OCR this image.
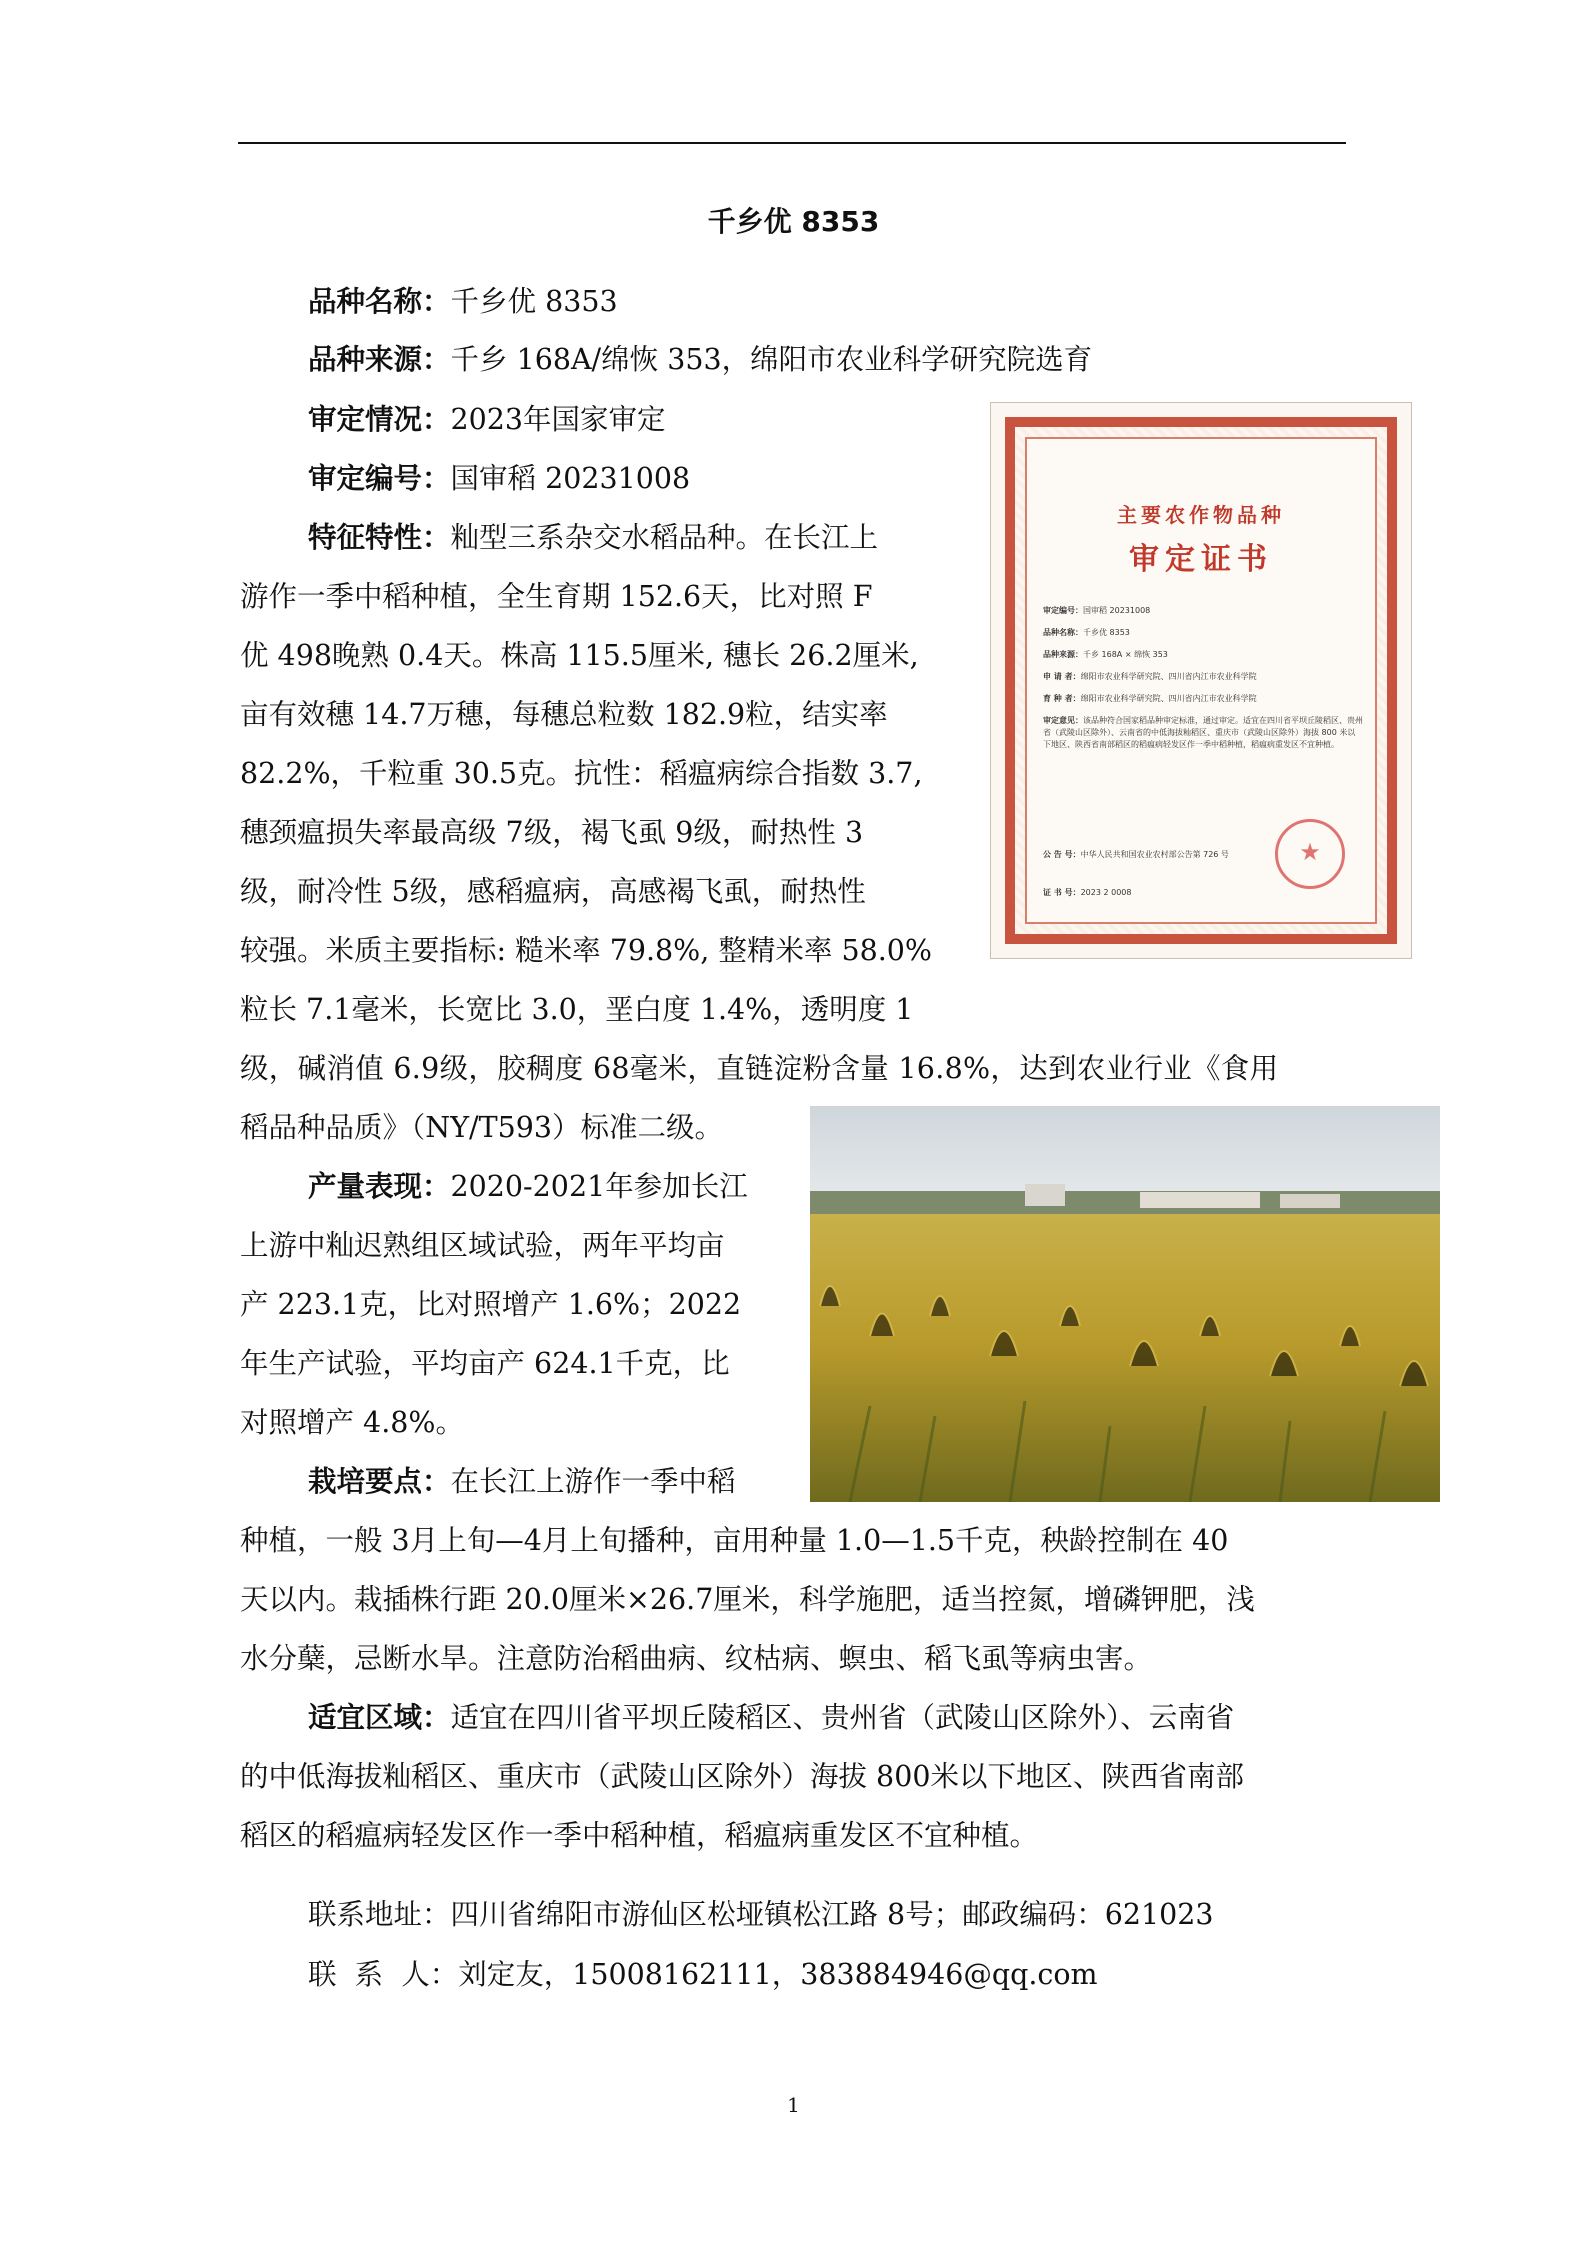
千乡优 8353
品种名称：千乡优 8353
品种来源：千乡 168A/绵恢 353，绵阳市农业科学研究院选育
审定情况：2023年国家审定
审定编号：国审稻 20231008
特征特性：籼型三系杂交水稻品种。在长江上
游作一季中稻种植，全生育期 152.6天，比对照 F
优 498晚熟 0.4天。株高 115.5厘米, 穗长 26.2厘米,
亩有效穗 14.7万穗，每穗总粒数 182.9粒，结实率
82.2%，千粒重 30.5克。抗性：稻瘟病综合指数 3.7,
穗颈瘟损失率最高级 7级，褐飞虱 9级，耐热性 3
级，耐冷性 5级，感稻瘟病，高感褐飞虱，耐热性
较强。米质主要指标: 糙米率 79.8%, 整精米率 58.0%
粒长 7.1毫米，长宽比 3.0，垩白度 1.4%，透明度 1
级，碱消值 6.9级，胶稠度 68毫米，直链淀粉含量 16.8%，达到农业行业《食用
稻品种品质》（NY/T593）标准二级。
产量表现：2020-2021年参加长江
上游中籼迟熟组区域试验，两年平均亩
产 223.1克，比对照增产 1.6%；2022
年生产试验，平均亩产 624.1千克，比
对照增产 4.8%。
栽培要点：在长江上游作一季中稻
种植，一般 3月上旬—4月上旬播种，亩用种量 1.0—1.5千克，秧龄控制在 40
天以内。栽插株行距 20.0厘米×26.7厘米，科学施肥，适当控氮，增磷钾肥，浅
水分蘖，忌断水旱。注意防治稻曲病、纹枯病、螟虫、稻飞虱等病虫害。
适宜区域：适宜在四川省平坝丘陵稻区、贵州省（武陵山区除外）、云南省
的中低海拔籼稻区、重庆市（武陵山区除外）海拔 800米以下地区、陕西省南部
稻区的稻瘟病轻发区作一季中稻种植，稻瘟病重发区不宜种植。
联系地址：四川省绵阳市游仙区松垭镇松江路 8号；邮政编码：621023
联  系  人：刘定友，15008162111，383884946@qq.com
主要农作物品种
审定证书
审定编号：国审稻 20231008
品种名称：千乡优 8353
品种来源：千乡 168A × 绵恢 353
申 请 者：绵阳市农业科学研究院、四川省内江市农业科学院
育 种 者：绵阳市农业科学研究院、四川省内江市农业科学院
审定意见：该品种符合国家稻品种审定标准，通过审定。适宜在四川省平坝丘陵稻区、贵州省（武陵山区除外）、云南省的中低海拔籼稻区、重庆市（武陵山区除外）海拔 800 米以下地区、陕西省南部稻区的稻瘟病轻发区作一季中稻种植，稻瘟病重发区不宜种植。
公 告 号：中华人民共和国农业农村部公告第 726 号
证 书 号：2023 2 0008
★
1
